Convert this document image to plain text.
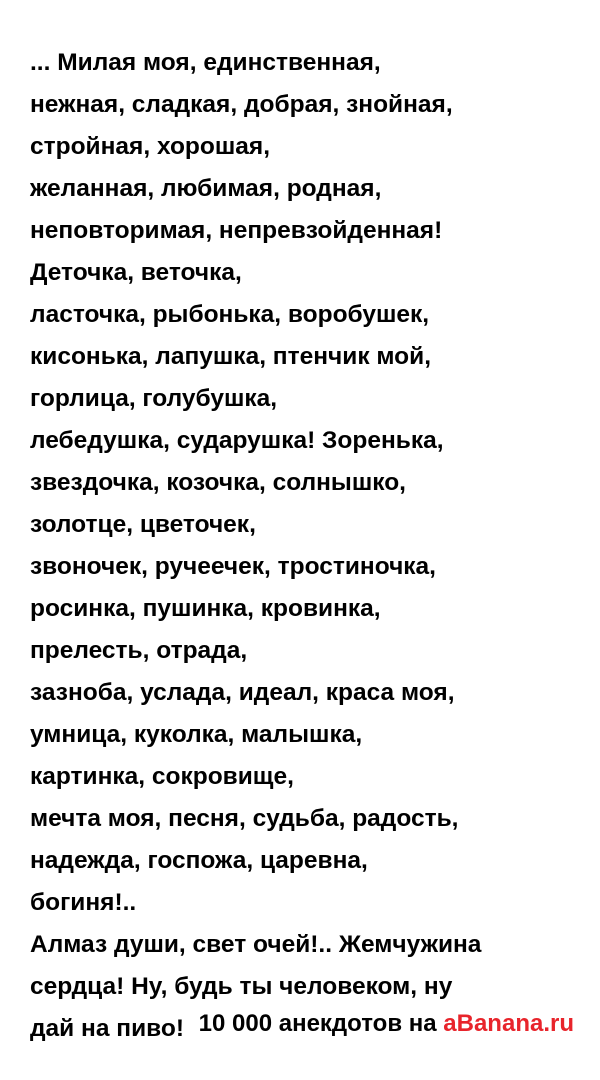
... Милая моя, единственная,
нежная, сладкая, добрая, знойная,
стройная, хорошая,
желанная, любимая, родная,
неповторимая, непревзойденная!
Деточка, веточка,
ласточка, рыбонька, воробушек,
кисонька, лапушка, птенчик мой,
горлица, голубушка,
лебедушка, сударушка! Зоренька,
звездочка, козочка, солнышко,
золотце, цветочек,
звоночек, ручеечек, тростиночка,
росинка, пушинка, кровинка,
прелесть, отрада,
зазноба, услада, идеал, краса моя,
умница, куколка, малышка,
картинка, сокровище,
мечта моя, песня, судьба, радость,
надежда, госпожа, царевна,
богиня!..
Алмаз души, свет очей!.. Жемчужина
сердца! Ну, будь ты человеком, ну
дай на пиво! 10 000 анекдотов на aBanana.ru
